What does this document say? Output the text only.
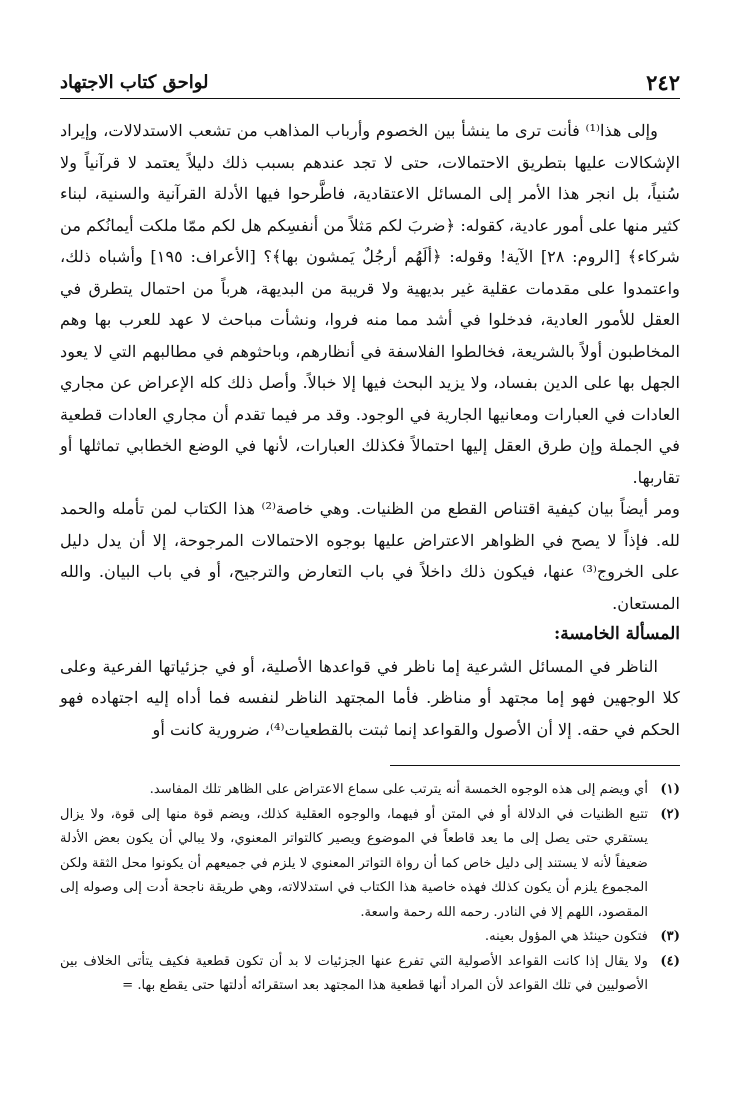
٢٤٢
لواحق كتاب الاجتهاد

وإلى هذا⁽¹⁾ فأنت ترى ما ينشأ بين الخصوم وأرباب المذاهب من تشعب الاستدلالات، وإيراد الإشكالات عليها بتطريق الاحتمالات، حتى لا تجد عندهم بسبب ذلك دليلاً يعتمد لا قرآنياً ولا سُنياً، بل انجر هذا الأمر إلى المسائل الاعتقادية، فاطَّرحوا فيها الأدلة القرآنية والسنية، لبناء كثير منها على أمور عادية، كقوله: ﴿ضربَ لكم مَثلاً من أنفسِكم هل لكم ممّا ملكت أيمانُكم من شركاء﴾ [الروم: ٢٨] الآية! وقوله: ﴿ألَهُم أرجُلٌ يَمشون بها﴾؟ [الأعراف: ١٩٥] وأشباه ذلك، واعتمدوا على مقدمات عقلية غير بديهية ولا قريبة من البديهة، هرباً من احتمال يتطرق في العقل للأمور العادية، فدخلوا في أشد مما منه فروا، ونشأت مباحث لا عهد للعرب بها وهم المخاطبون أولاً بالشريعة، فخالطوا الفلاسفة في أنظارهم، وباحثوهم في مطالبهم التي لا يعود الجهل بها على الدين بفساد، ولا يزيد البحث فيها إلا خبالاً. وأصل ذلك كله الإعراض عن مجاري العادات في العبارات ومعانيها الجارية في الوجود. وقد مر فيما تقدم أن مجاري العادات قطعية في الجملة وإن طرق العقل إليها احتمالاً فكذلك العبارات، لأنها في الوضع الخطابي تماثلها أو تقاربها.

ومر أيضاً بيان كيفية اقتناص القطع من الظنيات. وهي خاصة⁽²⁾ هذا الكتاب لمن تأمله والحمد لله. فإذاً لا يصح في الظواهر الاعتراض عليها بوجوه الاحتمالات المرجوحة، إلا أن يدل دليل على الخروج⁽³⁾ عنها، فيكون ذلك داخلاً في باب التعارض والترجيح، أو في باب البيان. والله المستعان.

المسألة الخامسة:

الناظر في المسائل الشرعية إما ناظر في قواعدها الأصلية، أو في جزئياتها الفرعية وعلى كلا الوجهين فهو إما مجتهد أو مناظر. فأما المجتهد الناظر لنفسه فما أداه إليه اجتهاده فهو الحكم في حقه. إلا أن الأصول والقواعد إنما ثبتت بالقطعيات⁽⁴⁾، ضرورية كانت أو

(١)
أي ويضم إلى هذه الوجوه الخمسة أنه يترتب على سماع الاعتراض على الظاهر تلك المفاسد.
(٢)
تتبع الظنيات في الدلالة أو في المتن أو فيهما، والوجوه العقلية كذلك، ويضم قوة منها إلى قوة، ولا يزال يستقري حتى يصل إلى ما يعد قاطعاً في الموضوع ويصير كالتواتر المعنوي، ولا يبالي أن يكون بعض الأدلة ضعيفاً لأنه لا يستند إلى دليل خاص كما أن رواة التواتر المعنوي لا يلزم في جميعهم أن يكونوا محل الثقة ولكن المجموع يلزم أن يكون كذلك فهذه خاصية هذا الكتاب في استدلالاته، وهي طريقة ناجحة أدت إلى وصوله إلى المقصود، اللهم إلا في النادر. رحمه الله رحمة واسعة.
(٣)
فتكون حينئذ هي المؤول بعينه.
(٤)
ولا يقال إذا كانت القواعد الأصولية التي تفرع عنها الجزئيات لا بد أن تكون قطعية فكيف يتأتى الخلاف بين الأصوليين في تلك القواعد لأن المراد أنها قطعية هذا المجتهد بعد استقرائه أدلتها حتى يقطع بها. =
